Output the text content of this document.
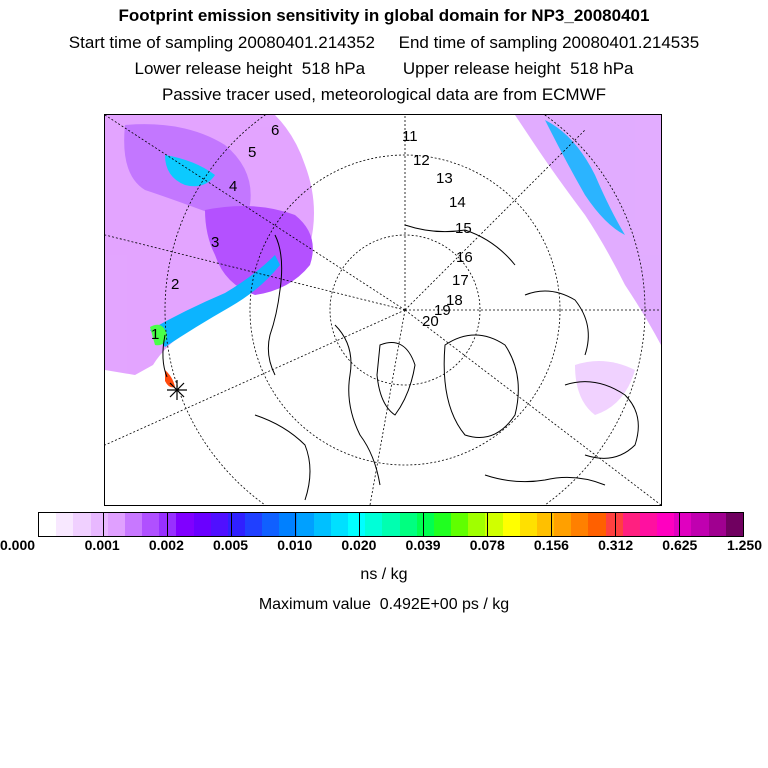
Footprint emission sensitivity in global domain for NP3_20080401
Start time of sampling 20080401.214352     End time of sampling 20080401.214535
Lower release height  518 hPa        Upper release height  518 hPa
Passive tracer used, meteorological data are from ECMWF
1
2
3
4
5
6	11
12
13
14
15
16
17
18
19
20
0.000	0.001 0.002 0.005 0.010 0.020 0.039 0.078 0.156 0.312 0.625 1.250
ns / kg
Maximum value  0.492E+00 ps / kg
